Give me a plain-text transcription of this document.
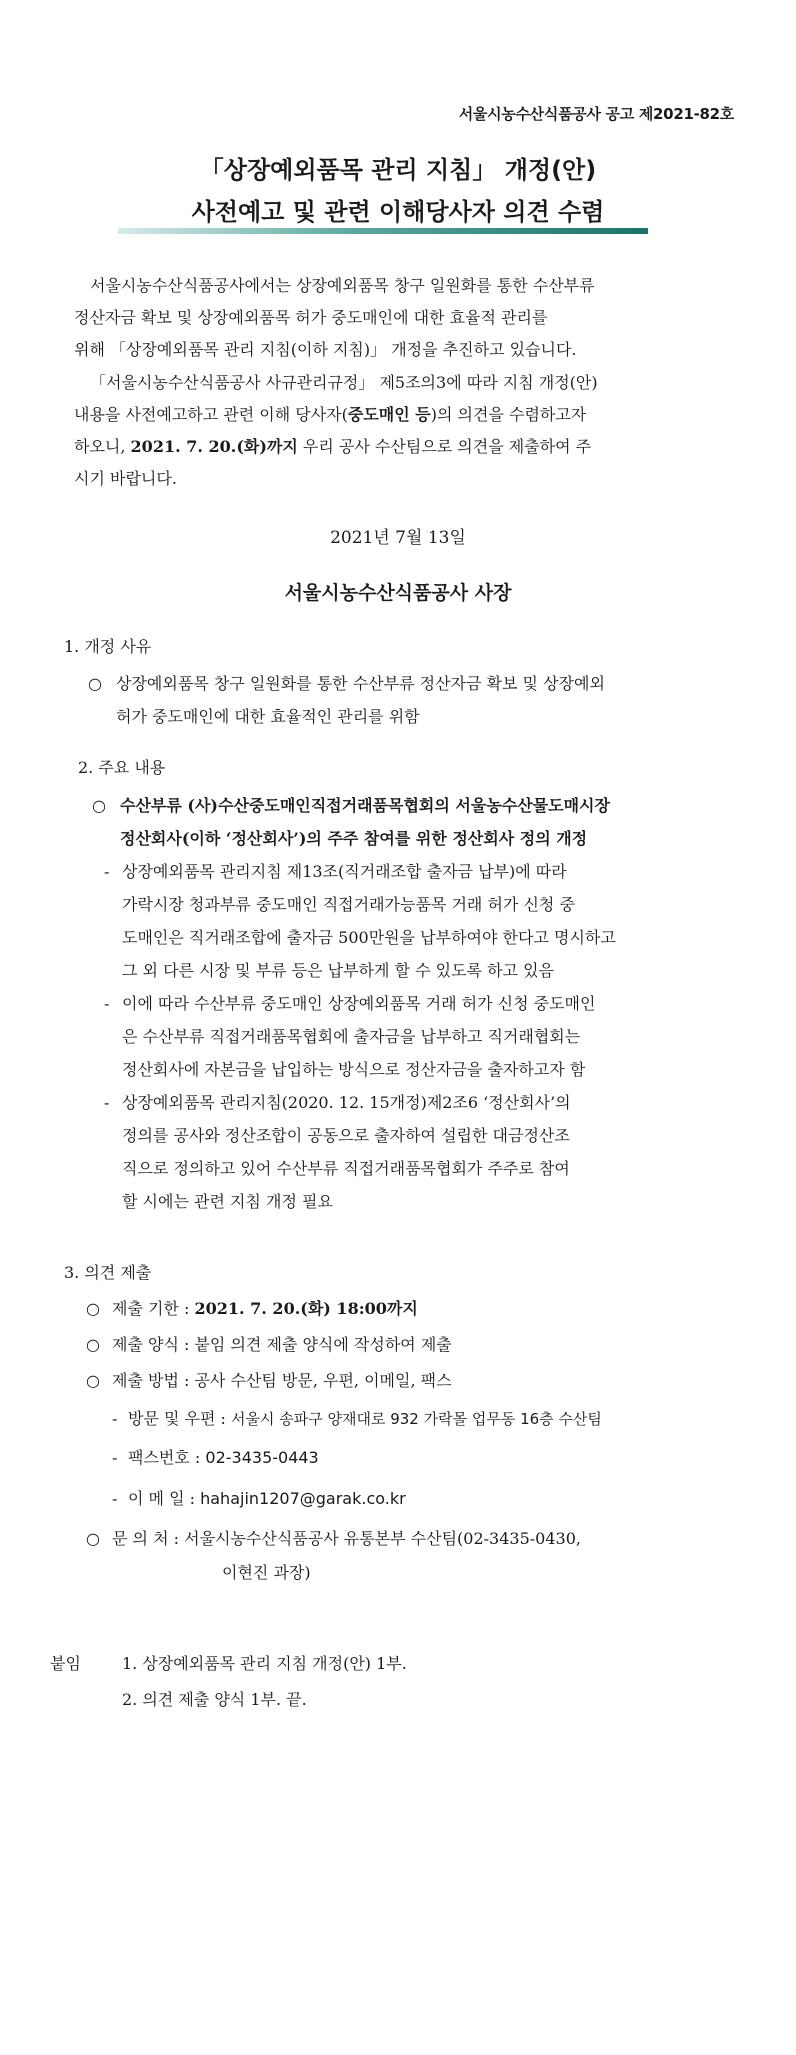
서울시농수산식품공사 공고 제2021-82호
「상장예외품목 관리 지침」 개정(안)
사전예고 및 관련 이해당사자 의견 수렴
서울시농수산식품공사에서는 상장예외품목 창구 일원화를 통한 수산부류
정산자금 확보 및 상장예외품목 허가 중도매인에 대한 효율적 관리를
위해 「상장예외품목 관리 지침(이하 지침)」 개정을 추진하고 있습니다.
「서울시농수산식품공사 사규관리규정」 제5조의3에 따라 지침 개정(안)
내용을 사전예고하고 관련 이해 당사자(중도매인 등)의 의견을 수렴하고자
하오니, 2021. 7. 20.(화)까지 우리 공사 수산팀으로 의견을 제출하여 주
시기 바랍니다.
2021년 7월 13일
서울시농수산식품공사 사장
1. 개정 사유
○ 상장예외품목 창구 일원화를 통한 수산부류 정산자금 확보 및 상장예외
허가 중도매인에 대한 효율적인 관리를 위함
2. 주요 내용
○ 수산부류 (사)수산중도매인직접거래품목협회의 서울농수산물도매시장
정산회사(이하 ‘정산회사’)의 주주 참여를 위한 정산회사 정의 개정
- 상장예외품목 관리지침 제13조(직거래조합 출자금 납부)에 따라
가락시장 청과부류 중도매인 직접거래가능품목 거래 허가 신청 중
도매인은 직거래조합에 출자금 500만원을 납부하여야 한다고 명시하고
그 외 다른 시장 및 부류 등은 납부하게 할 수 있도록 하고 있음
- 이에 따라 수산부류 중도매인 상장예외품목 거래 허가 신청 중도매인
은 수산부류 직접거래품목협회에 출자금을 납부하고 직거래협회는
정산회사에 자본금을 납입하는 방식으로 정산자금을 출자하고자 함
- 상장예외품목 관리지침(2020. 12. 15개정)제2조6 ‘정산회사’의
정의를 공사와 정산조합이 공동으로 출자하여 설립한 대금정산조
직으로 정의하고 있어 수산부류 직접거래품목협회가 주주로 참여
할 시에는 관련 지침 개정 필요
3. 의견 제출
○ 제출 기한 : 2021. 7. 20.(화) 18:00까지
○ 제출 양식 : 붙임 의견 제출 양식에 작성하여 제출
○ 제출 방법 : 공사 수산팀 방문, 우편, 이메일, 팩스
- 방문 및 우편 : 서울시 송파구 양재대로 932 가락몰 업무동 16층 수산팀
- 팩스번호 : 02-3435-0443
- 이 메 일 : hahajin1207@garak.co.kr
○ 문 의 처 : 서울시농수산식품공사 유통본부 수산팀(02-3435-0430,
이현진 과장)
붙임	1. 상장예외품목 관리 지침 개정(안) 1부.
2. 의견 제출 양식 1부. 끝.
